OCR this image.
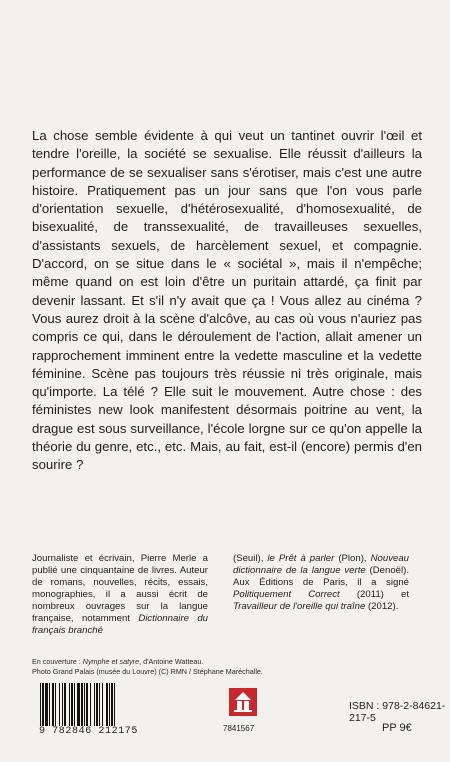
La chose semble évidente à qui veut un tantinet ouvrir l'œil et tendre l'oreille, la société se sexualise. Elle réussit d'ailleurs la performance de se sexualiser sans s'érotiser, mais c'est une autre histoire. Pratiquement pas un jour sans que l'on vous parle d'orientation sexuelle, d'hétérosexualité, d'homosexualité, de bisexualité, de transsexualité, de travailleuses sexuelles, d'assistants sexuels, de harcèlement sexuel, et compagnie. D'accord, on se situe dans le « sociétal », mais il n'empêche; même quand on est loin d'être un puritain attardé, ça finit par devenir lassant. Et s'il n'y avait que ça ! Vous allez au cinéma ? Vous aurez droit à la scène d'alcôve, au cas où vous n'auriez pas compris ce qui, dans le déroulement de l'action, allait amener un rapprochement imminent entre la vedette masculine et la vedette féminine. Scène pas toujours très réussie ni très originale, mais qu'importe. La télé ? Elle suit le mouvement. Autre chose : des féministes new look manifestent désormais poitrine au vent, la drague est sous surveillance, l'école lorgne sur ce qu'on appelle la théorie du genre, etc., etc. Mais, au fait, est-il (encore) permis d'en sourire ?

Journaliste et écrivain, Pierre Merle a publié une cinquantaine de livres. Auteur de romans, nouvelles, récits, essais, monographies, il a aussi écrit de nombreux ouvrages sur la langue française, notamment Dictionnaire du français branché

(Seuil), le Prêt à parler (Plon), Nouveau dictionnaire de la langue verte (Denoël). Aux Éditions de Paris, il a signé Politiquement Correct (2011) et Travailleur de l'oreille qui traîne (2012).

En couverture : Nymphe et satyre, d'Antoine Watteau.
Photo Grand Palais (musée du Louvre) (C) RMN / Stéphane Maréchalle.

9 782846 212175	7841567
ISBN : 978-2-84621-217-5
PP 9€
